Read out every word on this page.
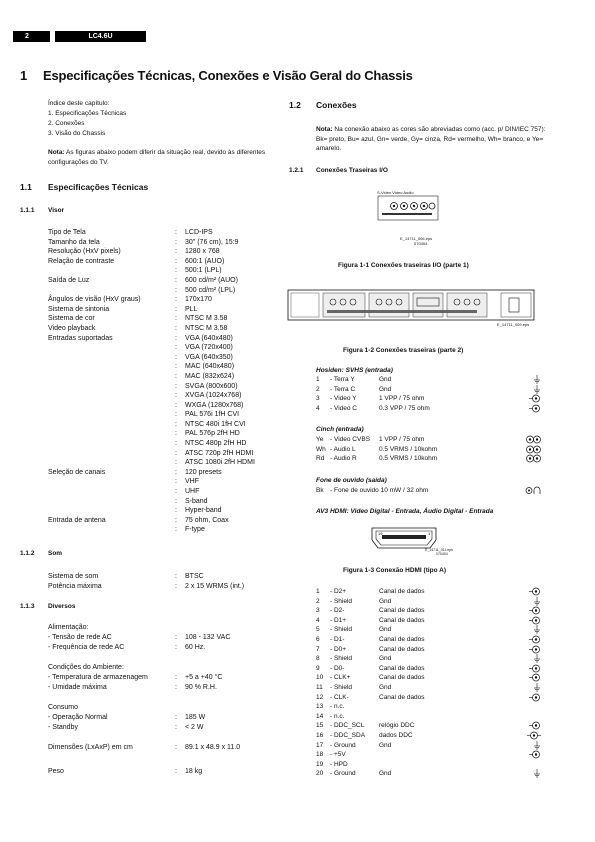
2	LC4.6U
1 Especificações Técnicas, Conexões e Visão Geral do Chassis
Índice deste capítulo:
1. Especificações Técnicas
2. Conexões
3. Visão do Chassis
Nota: As figuras abaixo podem diferir da situação real, devido às diferentes configurações do TV.
1.1 Especificações Técnicas
1.1.1 Visor
Tipo de Tela	: LCD-IPS
Tamanho da tela	: 30" (76 cm), 15:9
Resolução (HxV pixels)	: 1280 x 768
Relação de contraste	: 600:1 (AUO)
: 500:1 (LPL)
Saída de Luz	: 600 cd/m² (AUO)
: 500 cd/m² (LPL)
Ângulos de visão (HxV graus)	: 170x170
Sistema de sintonia	: PLL
Sistema de cor	: NTSC M 3.58
Video playback	: NTSC M 3.58
Entradas suportadas	: VGA (640x480)
: VGA (720x400)
: VGA (640x350)
: MAC (640x480)
: MAC (832x624)
: SVGA (800x600)
: XVGA (1024x768)
: WXGA (1280x768)
: PAL 576i 1fH CVI
: NTSC 480i 1fH CVI
: PAL 576p 2fH HD
: NTSC 480p 2fH HD
: ATSC 720p 2fH HDMI
: ATSC 1080i 2fH HDMI
Seleção de canais	: 120 presets
: VHF
: UHF
: S-band
: Hyper-band
Entrada de antena	: 75 ohm, Coax
: F-type
1.1.2 Som
Sistema de som	: BTSC
Potência máxima	: 2 x 15 WRMS (int.)
1.1.3 Diversos
Alimentação:
- Tensão de rede AC	: 108 - 132 VAC
- Frequência de rede AC	: 60 Hz.
Condições do Ambiente:
- Temperatura de armazenagem	: +5 a +40 °C
- Umidade máxima	: 90 % R.H.
Consumo
- Operação Normal	: 185 W
- Standby	: < 2 W
Dimensões (LxAxP) em cm	: 89.1 x 48.9 x 11.0
Peso	: 18 kg
1.2 Conexões
Nota: Na conexão abaixo as cores são abreviadas como (acc. p/ DIN/IEC 757): Bk= preto, Bu= azul, Gn= verde, Gy= cinza, Rd= vermelho, Wh= branco, e Ye= amarelo.
1.2.1 Conexões Traseiras I/O
S-Video Video Audio
E_14711_006.eps
070404
Figura 1-1 Conexões traseiras I/O (parte 1)
E_14711_009.eps
Figura 1-2 Conexões traseiras (parte 2)
Hosiden: SVHS (entrada)
1 - Terra Y	Gnd
2 - Terra C	Gnd
3 - Video Y	1 VPP / 75 ohm
4 - Video C	0.3 VPP / 75 ohm
Cinch (entrada)
Ye - Video CVBS 1 VPP / 75 ohm
Wh - Audio L	0.5 VRMS / 10kohm
Rd - Audio R	0.5 VRMS / 10kohm
Fone de ouvido (saída)
Bk - Fone de ouvido 10 mW / 32 ohm
AV3 HDMI: Video Digital - Entrada, Áudio Digital - Entrada
19	1
E_14711_011.eps
070404
Figura 1-3 Conexão HDMI (tipo A)
1 - D2+	Canal de dados
2 - Shield	Gnd
3 - D2-	Canal de dados
4 - D1+	Canal de dados
5 - Shield	Gnd
6 - D1-	Canal de dados
7 - D0+	Canal de dados
8 - Shield	Gnd
9 - D0-	Canal de dados
10 - CLK+	Canal de dados
11 - Shield	Gnd
12 - CLK-	Canal de dados
13 - n.c.
14 - n.c.
15 - DDC_SCL relógio DDC
16 - DDC_SDA dados DDC
17 - Ground	Gnd
18 - +5V
19 - HPD
20 - Ground	Gnd
